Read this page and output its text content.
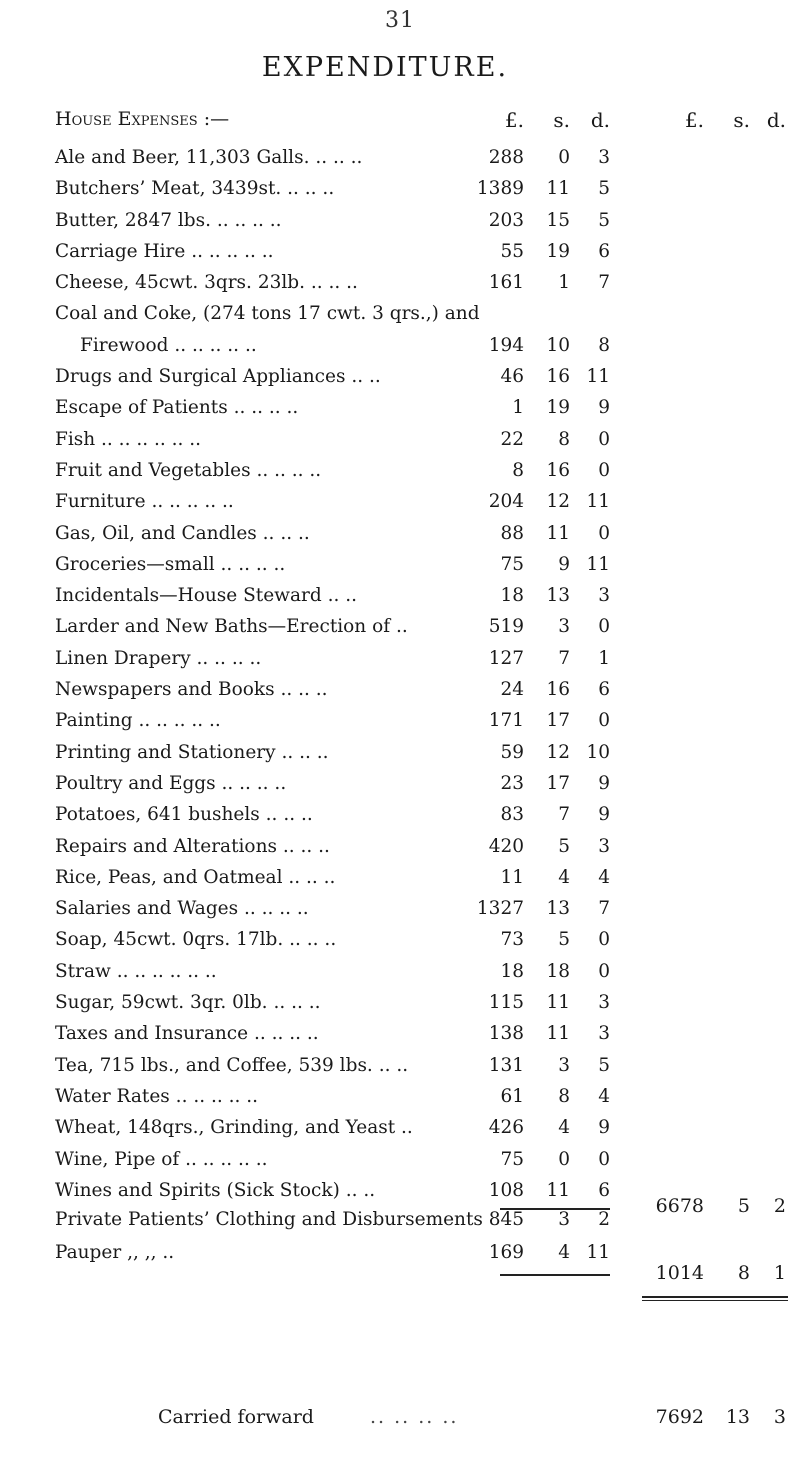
31
EXPENDITURE.
House Expenses :—	£.	s.	d.	£.	s. d.
Ale and Beer, 11,303 Galls. .. .. ..	288	0	3
Butchers’ Meat, 3439st. .. .. ..	1389	11	5
Butter, 2847 lbs. .. .. .. ..	203	15	5
Carriage Hire .. .. .. .. ..	55	19	6
Cheese, 45cwt. 3qrs. 23lb. .. .. ..	161	1	7
Coal and Coke, (274 tons 17 cwt. 3 qrs.,) and
Firewood .. .. .. .. ..	194	10	8
Drugs and Surgical Appliances .. ..	46	16 11
Escape of Patients .. .. .. ..	1	19	9
Fish .. .. .. .. .. ..	22	8	0
Fruit and Vegetables .. .. .. ..	8	16	0
Furniture .. .. .. .. ..	204	12 11
Gas, Oil, and Candles .. .. ..	88	11	0
Groceries—small .. .. .. ..	75	9 11
Incidentals—House Steward .. ..	18	13	3
Larder and New Baths—Erection of ..	519	3	0
Linen Drapery .. .. .. ..	127	7	1
Newspapers and Books .. .. ..	24	16	6
Painting .. .. .. .. ..	171	17	0
Printing and Stationery .. .. ..	59	12 10
Poultry and Eggs .. .. .. ..	23	17	9
Potatoes, 641 bushels .. .. ..	83	7	9
Repairs and Alterations .. .. ..	420	5	3
Rice, Peas, and Oatmeal .. .. ..	11	4	4
Salaries and Wages .. .. .. ..	1327	13	7
Soap, 45cwt. 0qrs. 17lb. .. .. ..	73	5	0
Straw .. .. .. .. .. ..	18	18	0
Sugar, 59cwt. 3qr. 0lb. .. .. ..	115	11	3
Taxes and Insurance .. .. .. ..	138	11	3
Tea, 715 lbs., and Coffee, 539 lbs. .. ..	131	3	5
Water Rates .. .. .. .. ..	61	8	4
Wheat, 148qrs., Grinding, and Yeast ..	426	4	9
Wine, Pipe of .. .. .. .. ..	75	0	0
Wines and Spirits (Sick Stock) .. ..	108	11	6
6678	5	2
Private Patients’ Clothing and Disbursements 845	3	2
Pauper ,, ,, ..	169	4 11
1014	8	1
Carried forward	.. .. .. ..	7692	13	3
